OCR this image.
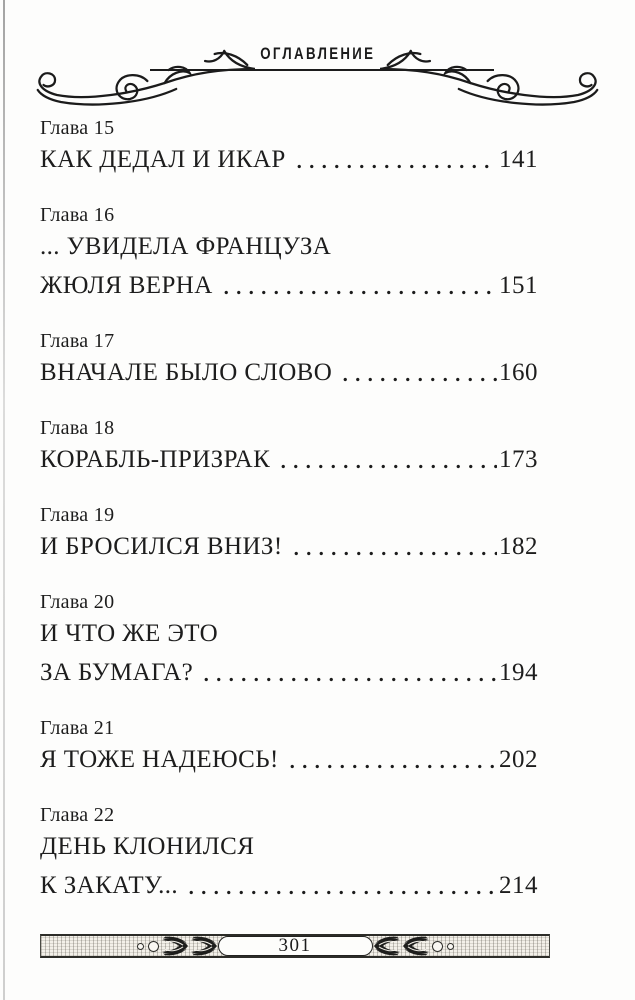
ОГЛАВЛЕНИЕ
Глава 15
КАК ДЕДАЛ И ИКАР	141
Глава 16
... УВИДЕЛА ФРАНЦУЗА
ЖЮЛЯ ВЕРНА	151
Глава 17
ВНАЧАЛЕ БЫЛО СЛОВО	160
Глава 18
КОРАБЛЬ-ПРИЗРАК	173
Глава 19
И БРОСИЛСЯ ВНИЗ!	182
Глава 20
И ЧТО ЖЕ ЭТО
ЗА БУМАГА?	194
Глава 21
Я ТОЖЕ НАДЕЮСЬ!	202
Глава 22
ДЕНЬ КЛОНИЛСЯ
К ЗАКАТУ...	214
301
